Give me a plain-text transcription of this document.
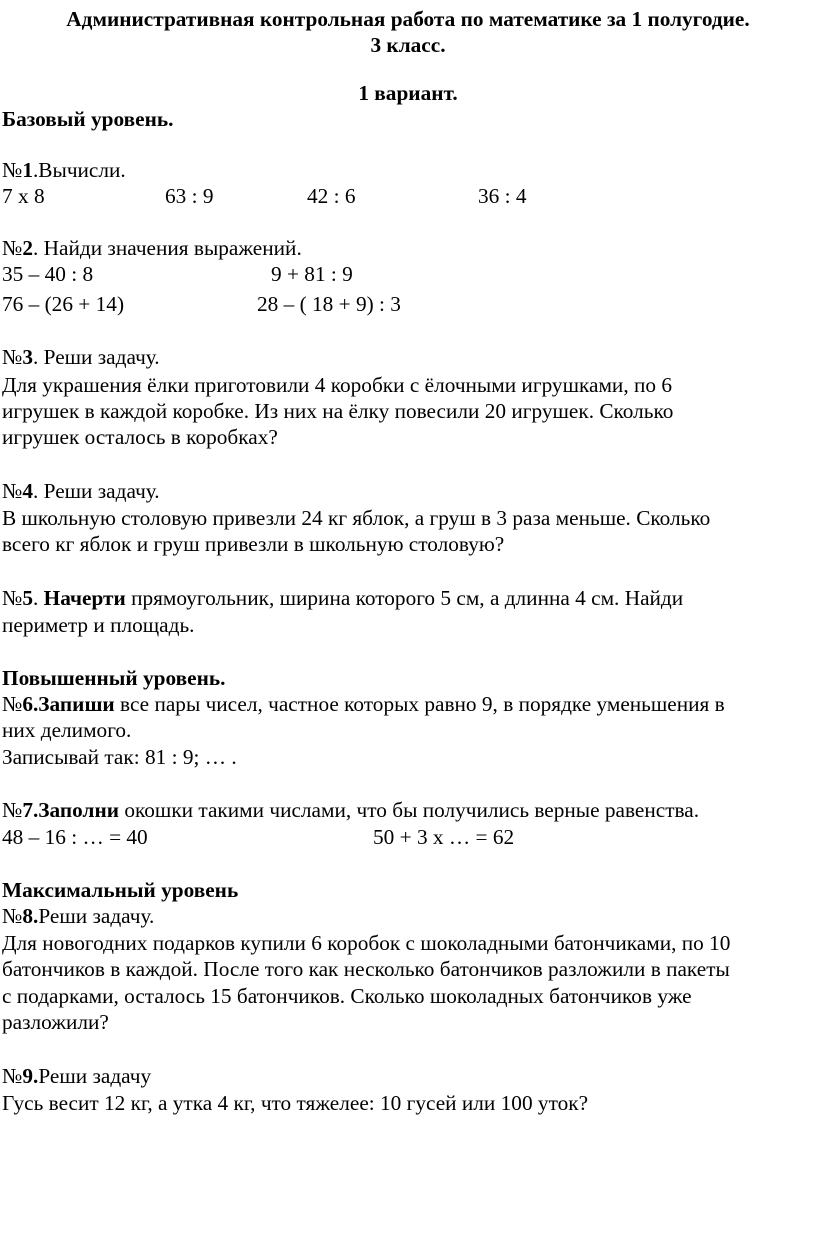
Административная контрольная работа по математике за 1 полугодие.
3 класс.
1 вариант.
Базовый уровень.
№1.Вычисли.
7 х 8	63 : 9	42 : 6	36 : 4
№2. Найди значения выражений.
35 – 40 : 8	9 + 81 : 9
76 – (26 + 14)	28 – ( 18 + 9) : 3
№3. Реши задачу.
Для украшения ёлки приготовили 4 коробки с ёлочными игрушками, по 6
игрушек в каждой коробке. Из них на ёлку повесили 20 игрушек. Сколько
игрушек осталось в коробках?
№4. Реши задачу.
В школьную столовую привезли 24 кг яблок, а груш в 3 раза меньше. Сколько
всего кг яблок и груш привезли в школьную столовую?
№5. Начерти прямоугольник, ширина которого 5 см, а длинна 4 см. Найди
периметр и площадь.
Повышенный уровень.
№6.Запиши все пары чисел, частное которых равно 9, в порядке уменьшения в
них делимого.
Записывай так: 81 : 9; … .
№7.Заполни окошки такими числами, что бы получились верные равенства.
48 – 16 : … = 40	50 + 3 х … = 62
Максимальный уровень
№8.Реши задачу.
Для новогодних подарков купили 6 коробок с шоколадными батончиками, по 10
батончиков в каждой. После того как несколько батончиков разложили в пакеты
с подарками, осталось 15 батончиков. Сколько шоколадных батончиков уже
разложили?
№9.Реши задачу
Гусь весит 12 кг, а утка 4 кг, что тяжелее: 10 гусей или 100 уток?
